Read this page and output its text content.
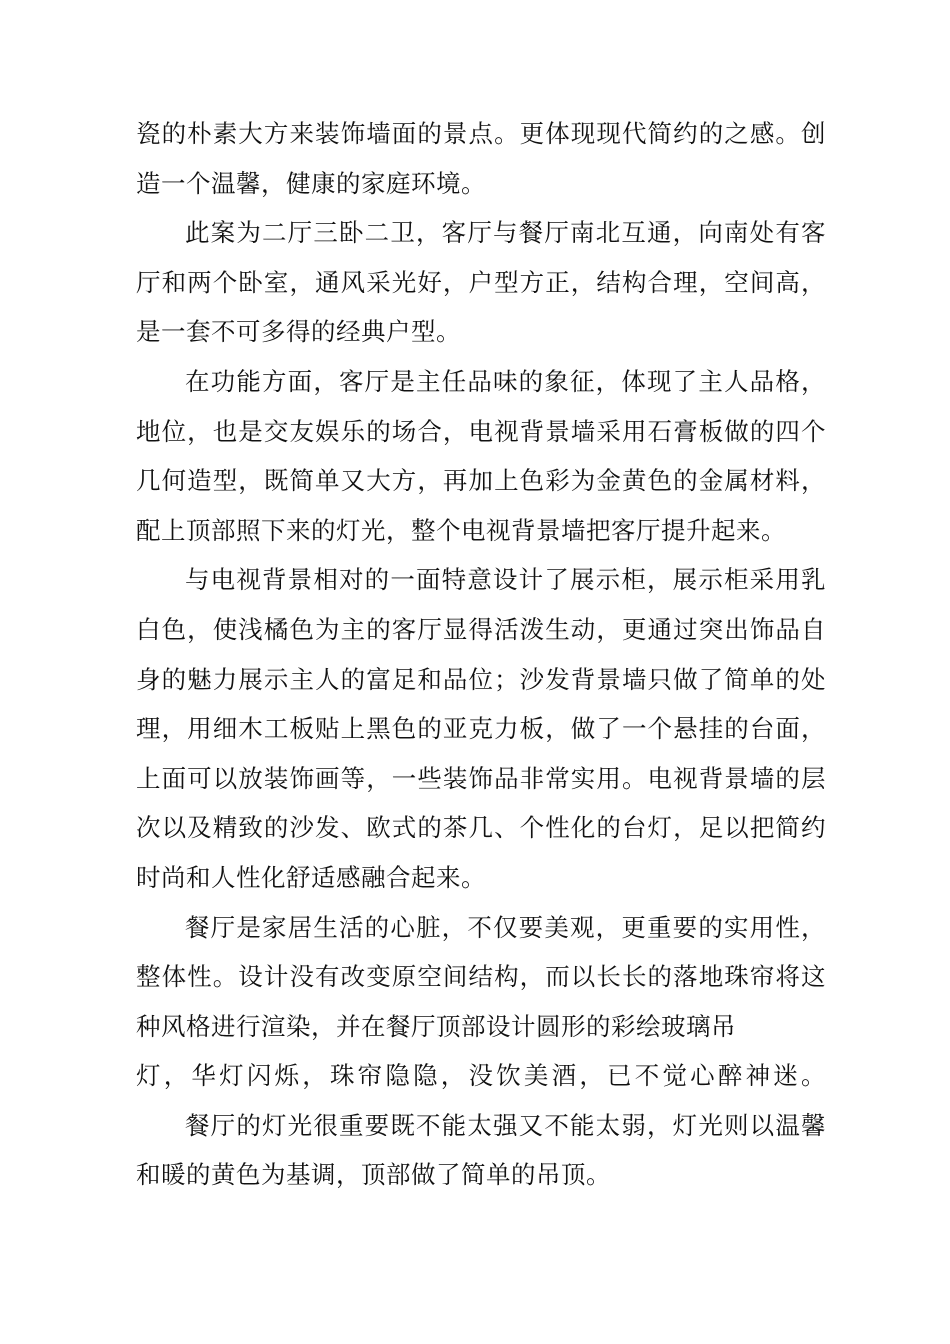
瓷的朴素大方来装饰墙面的景点。更体现现代简约的之感。创
造一个温馨，健康的家庭环境。
此案为二厅三卧二卫，客厅与餐厅南北互通，向南处有客
厅和两个卧室，通风采光好，户型方正，结构合理，空间高，
是一套不可多得的经典户型。
在功能方面，客厅是主任品味的象征，体现了主人品格，
地位，也是交友娱乐的场合，电视背景墙采用石膏板做的四个
几何造型，既简单又大方，再加上色彩为金黄色的金属材料，
配上顶部照下来的灯光，整个电视背景墙把客厅提升起来。
与电视背景相对的一面特意设计了展示柜，展示柜采用乳
白色，使浅橘色为主的客厅显得活泼生动，更通过突出饰品自
身的魅力展示主人的富足和品位；沙发背景墙只做了简单的处
理，用细木工板贴上黑色的亚克力板，做了一个悬挂的台面，
上面可以放装饰画等，一些装饰品非常实用。电视背景墙的层
次以及精致的沙发、欧式的茶几、个性化的台灯，足以把简约
时尚和人性化舒适感融合起来。
餐厅是家居生活的心脏，不仅要美观，更重要的实用性，
整体性。设计没有改变原空间结构，而以长长的落地珠帘将这
种风格进行渲染，并在餐厅顶部设计圆形的彩绘玻璃吊
灯，华灯闪烁，珠帘隐隐，没饮美酒，已不觉心醉神迷。
餐厅的灯光很重要既不能太强又不能太弱，灯光则以温馨
和暖的黄色为基调，顶部做了简单的吊顶。
